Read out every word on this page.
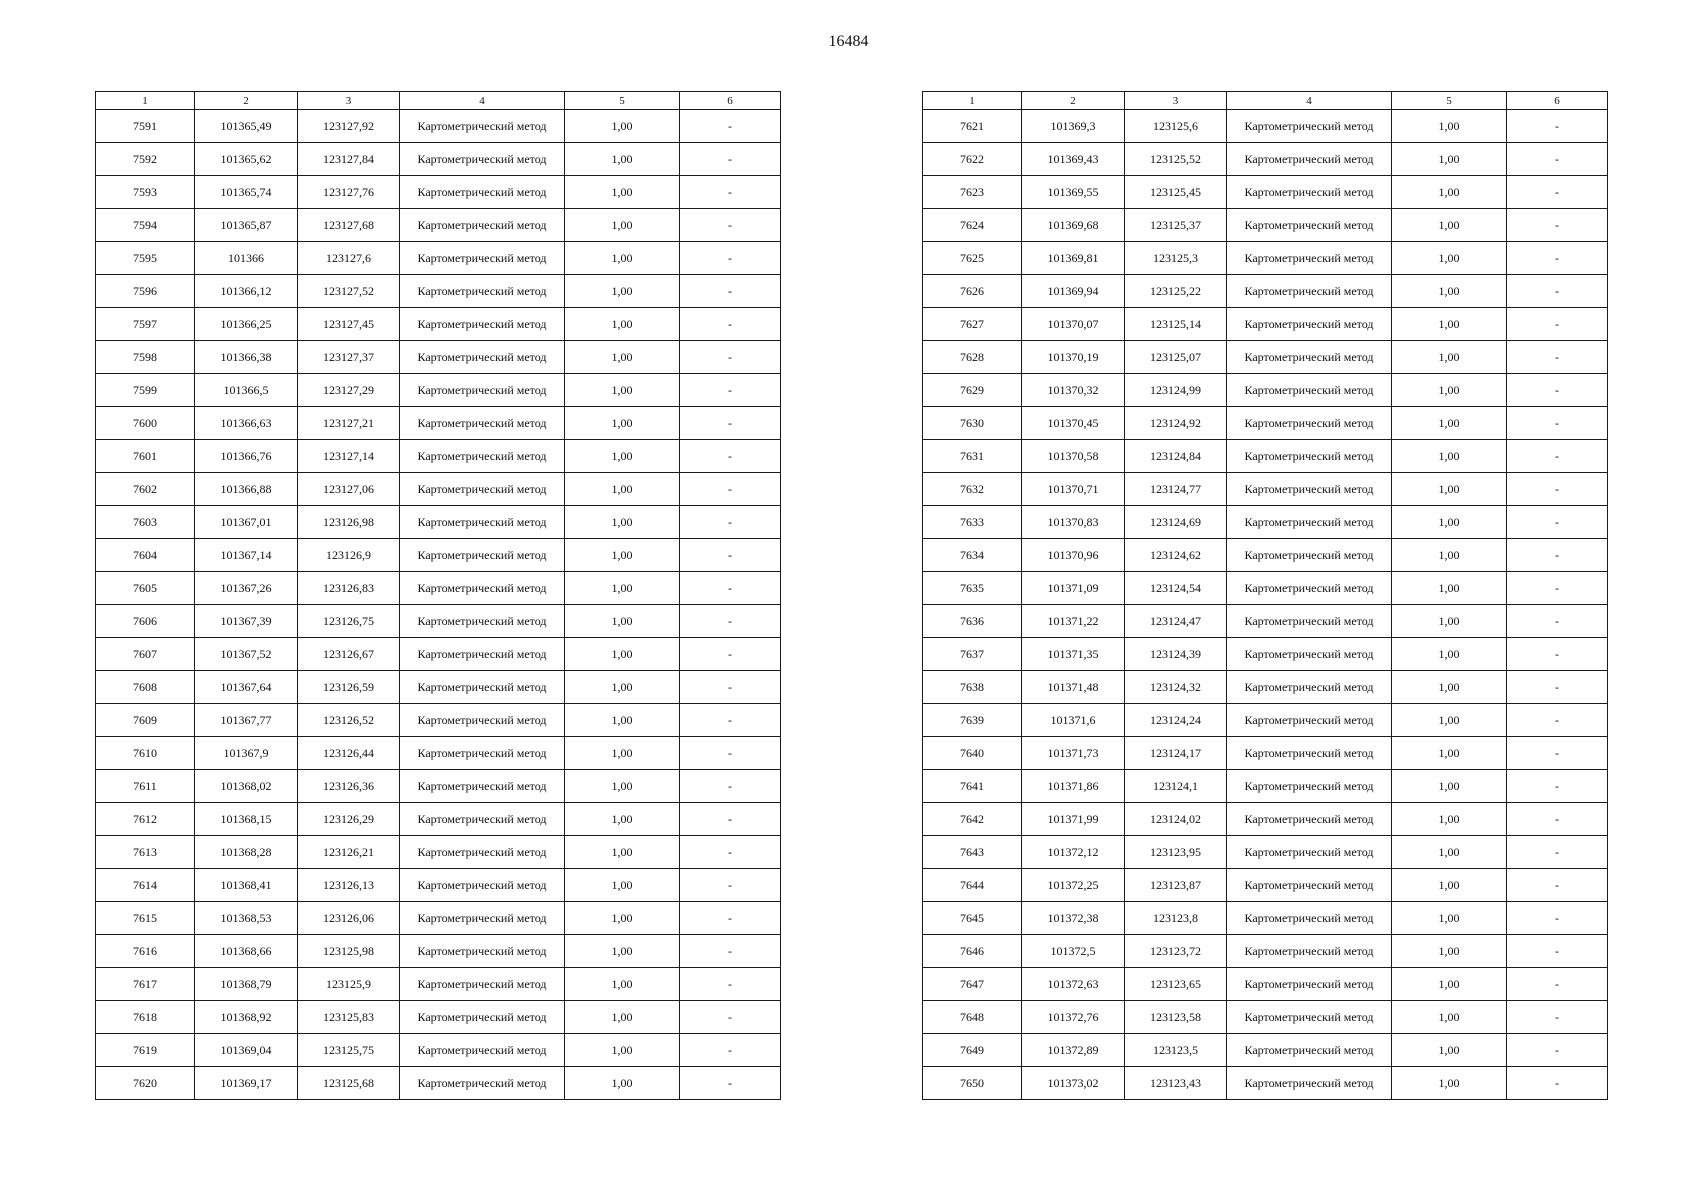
16484
1	2	3	4	5	6
7591	101365,49	123127,92	Картометрический метод	1,00	-
7592	101365,62	123127,84	Картометрический метод	1,00	-
7593	101365,74	123127,76	Картометрический метод	1,00	-
7594	101365,87	123127,68	Картометрический метод	1,00	-
7595	101366	123127,6	Картометрический метод	1,00	-
7596	101366,12	123127,52	Картометрический метод	1,00	-
7597	101366,25	123127,45	Картометрический метод	1,00	-
7598	101366,38	123127,37	Картометрический метод	1,00	-
7599	101366,5	123127,29	Картометрический метод	1,00	-
7600	101366,63	123127,21	Картометрический метод	1,00	-
7601	101366,76	123127,14	Картометрический метод	1,00	-
7602	101366,88	123127,06	Картометрический метод	1,00	-
7603	101367,01	123126,98	Картометрический метод	1,00	-
7604	101367,14	123126,9	Картометрический метод	1,00	-
7605	101367,26	123126,83	Картометрический метод	1,00	-
7606	101367,39	123126,75	Картометрический метод	1,00	-
7607	101367,52	123126,67	Картометрический метод	1,00	-
7608	101367,64	123126,59	Картометрический метод	1,00	-
7609	101367,77	123126,52	Картометрический метод	1,00	-
7610	101367,9	123126,44	Картометрический метод	1,00	-
7611	101368,02	123126,36	Картометрический метод	1,00	-
7612	101368,15	123126,29	Картометрический метод	1,00	-
7613	101368,28	123126,21	Картометрический метод	1,00	-
7614	101368,41	123126,13	Картометрический метод	1,00	-
7615	101368,53	123126,06	Картометрический метод	1,00	-
7616	101368,66	123125,98	Картометрический метод	1,00	-
7617	101368,79	123125,9	Картометрический метод	1,00	-
7618	101368,92	123125,83	Картометрический метод	1,00	-
7619	101369,04	123125,75	Картометрический метод	1,00	-
7620	101369,17	123125,68	Картометрический метод	1,00	-
1	2	3	4	5	6
7621	101369,3	123125,6	Картометрический метод	1,00	-
7622	101369,43	123125,52	Картометрический метод	1,00	-
7623	101369,55	123125,45	Картометрический метод	1,00	-
7624	101369,68	123125,37	Картометрический метод	1,00	-
7625	101369,81	123125,3	Картометрический метод	1,00	-
7626	101369,94	123125,22	Картометрический метод	1,00	-
7627	101370,07	123125,14	Картометрический метод	1,00	-
7628	101370,19	123125,07	Картометрический метод	1,00	-
7629	101370,32	123124,99	Картометрический метод	1,00	-
7630	101370,45	123124,92	Картометрический метод	1,00	-
7631	101370,58	123124,84	Картометрический метод	1,00	-
7632	101370,71	123124,77	Картометрический метод	1,00	-
7633	101370,83	123124,69	Картометрический метод	1,00	-
7634	101370,96	123124,62	Картометрический метод	1,00	-
7635	101371,09	123124,54	Картометрический метод	1,00	-
7636	101371,22	123124,47	Картометрический метод	1,00	-
7637	101371,35	123124,39	Картометрический метод	1,00	-
7638	101371,48	123124,32	Картометрический метод	1,00	-
7639	101371,6	123124,24	Картометрический метод	1,00	-
7640	101371,73	123124,17	Картометрический метод	1,00	-
7641	101371,86	123124,1	Картометрический метод	1,00	-
7642	101371,99	123124,02	Картометрический метод	1,00	-
7643	101372,12	123123,95	Картометрический метод	1,00	-
7644	101372,25	123123,87	Картометрический метод	1,00	-
7645	101372,38	123123,8	Картометрический метод	1,00	-
7646	101372,5	123123,72	Картометрический метод	1,00	-
7647	101372,63	123123,65	Картометрический метод	1,00	-
7648	101372,76	123123,58	Картометрический метод	1,00	-
7649	101372,89	123123,5	Картометрический метод	1,00	-
7650	101373,02	123123,43	Картометрический метод	1,00	-
